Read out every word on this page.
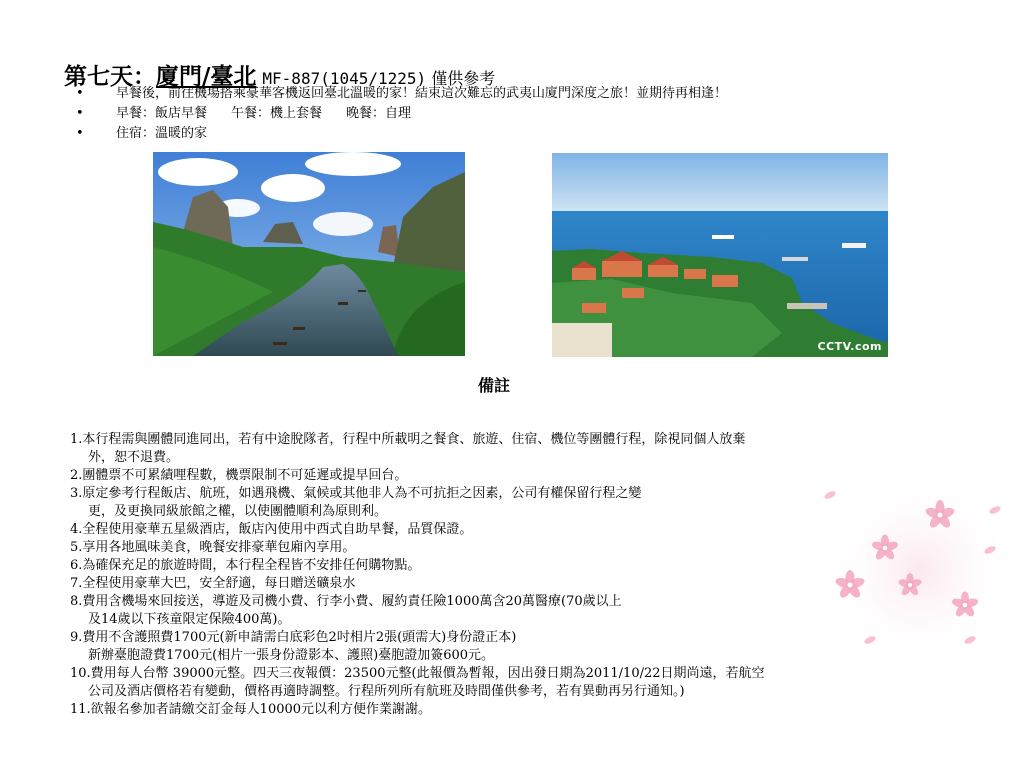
第七天：廈門/臺北 MF-887(1045/1225) 僅供參考
• 早餐後，前往機場搭乘豪華客機返回臺北溫暖的家！結束這次難忘的武夷山廈門深度之旅！並期待再相逢！
• 早餐：飯店早餐 午餐：機上套餐 晚餐：自理
• 住宿：溫暖的家
CCTV.com
備註
1.本行程需與團體同進同出，若有中途脫隊者，行程中所載明之餐食、旅遊、住宿、機位等團體行程，除視同個人放棄
外，恕不退費。
2.團體票不可累績哩程數，機票限制不可延遲或提早回台。
3.原定參考行程飯店、航班，如遇飛機、氣候或其他非人為不可抗拒之因素，公司有權保留行程之變
更，及更換同級旅館之權，以使團體順利為原則利。
4.全程使用豪華五星級酒店，飯店內使用中西式自助早餐，品質保證。
5.享用各地風味美食，晚餐安排豪華包廂內享用。
6.為確保充足的旅遊時間，本行程全程皆不安排任何購物點。
7.全程使用豪華大巴，安全舒適，每日贈送礦泉水
8.費用含機場來回接送，導遊及司機小費、行李小費、履約責任險1000萬含20萬醫療(70歲以上
及14歲以下孩童限定保險400萬)。
9.費用不含護照費1700元(新申請需白底彩色2吋相片2張(頭需大)身份證正本)
新辦臺胞證費1700元(相片一張身份證影本、護照)臺胞證加簽600元。
10.費用每人台幣 39000元整。四天三夜報價：23500元整(此報價為暫報，因出發日期為2011/10/22日期尚遠，若航空
公司及酒店價格若有變動，價格再適時調整。行程所列所有航班及時間僅供參考，若有異動再另行通知。)
11.欲報名參加者請繳交訂金每人10000元以利方便作業謝謝。
